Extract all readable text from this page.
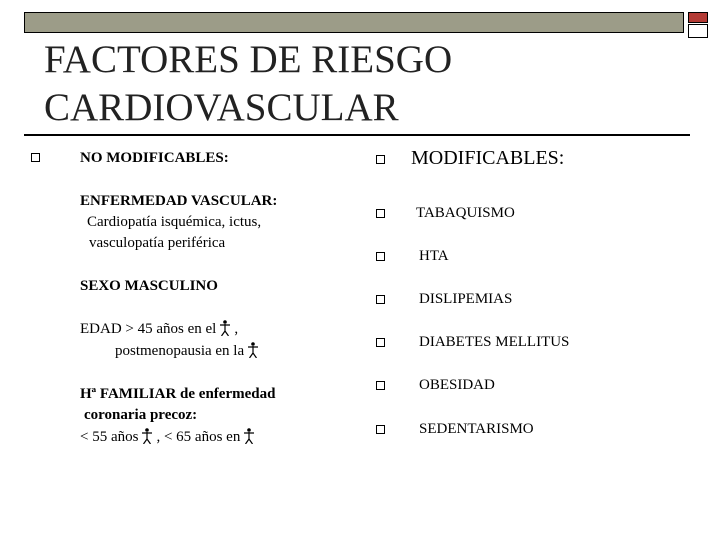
FACTORES DE RIESGO
CARDIOVASCULAR
NO MODIFICABLES:
ENFERMEDAD VASCULAR:
Cardiopatía isquémica, ictus,
vasculopatía periférica
SEXO MASCULINO
EDAD > 45 años en el ,
postmenopausia en la
Hª FAMILIAR de enfermedad
coronaria precoz:
< 55 años , < 65 años en
MODIFICABLES:
TABAQUISMO
HTA
DISLIPEMIAS
DIABETES MELLITUS
OBESIDAD
SEDENTARISMO
